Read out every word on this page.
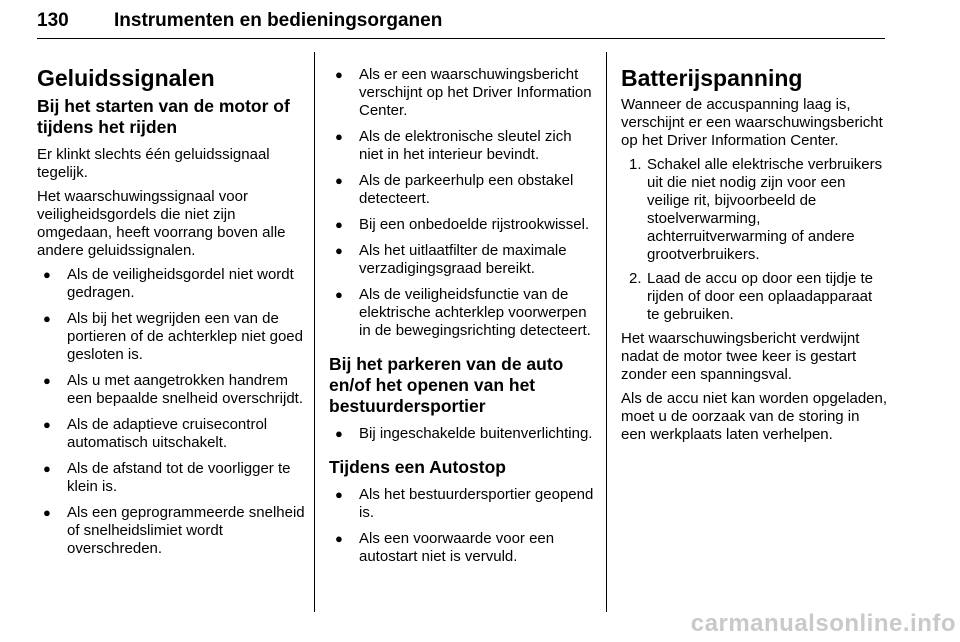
130 Instrumenten en bedieningsorganen
Geluidssignalen
Bij het starten van de motor of tijdens het rijden

Er klinkt slechts één geluidssignaal tegelijk.

Het waarschuwingssignaal voor veiligheidsgordels die niet zijn omgedaan, heeft voorrang boven alle andere geluidssignalen.

● Als de veiligheidsgordel niet wordt gedragen.
● Als bij het wegrijden een van de portieren of de achterklep niet goed gesloten is.
● Als u met aangetrokken handrem een bepaalde snelheid overschrijdt.
● Als de adaptieve cruisecontrol automatisch uitschakelt.
● Als de afstand tot de voorligger te klein is.
● Als een geprogrammeerde snelheid of snelheidslimiet wordt overschreden.
● Als er een waarschuwingsbericht verschijnt op het Driver Information Center.
● Als de elektronische sleutel zich niet in het interieur bevindt.
● Als de parkeerhulp een obstakel detecteert.
● Bij een onbedoelde rijstrookwissel.
● Als het uitlaatfilter de maximale verzadigingsgraad bereikt.
● Als de veiligheidsfunctie van de elektrische achterklep voorwerpen in de bewegingsrichting detecteert.
Bij het parkeren van de auto en/of het openen van het bestuurdersportier
● Bij ingeschakelde buitenverlichting.
Tijdens een Autostop
● Als het bestuurdersportier geopend is.
● Als een voorwaarde voor een autostart niet is vervuld.
Batterijspanning

Wanneer de accuspanning laag is, verschijnt er een waarschuwingsbericht op het Driver Information Center.

1. Schakel alle elektrische verbruikers uit die niet nodig zijn voor een veilige rit, bijvoorbeeld de stoelverwarming, achterruitverwarming of andere grootverbruikers.
2. Laad de accu op door een tijdje te rijden of door een oplaadapparaat te gebruiken.

Het waarschuwingsbericht verdwijnt nadat de motor twee keer is gestart zonder een spanningsval.

Als de accu niet kan worden opgeladen, moet u de oorzaak van de storing in een werkplaats laten verhelpen.

carmanualsonline.info
